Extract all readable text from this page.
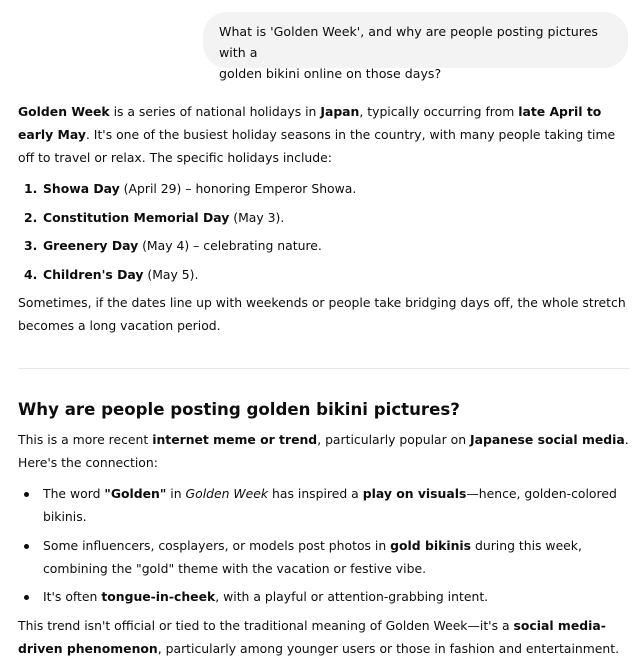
What is 'Golden Week', and why are people posting pictures with a
golden bikini online on those days?

Golden Week is a series of national holidays in Japan, typically occurring from late April to early May. It's one of the busiest holiday seasons in the country, with many people taking time off to travel or relax. The specific holidays include:

1. Showa Day (April 29) – honoring Emperor Showa.
2. Constitution Memorial Day (May 3).
3. Greenery Day (May 4) – celebrating nature.
4. Children's Day (May 5).

Sometimes, if the dates line up with weekends or people take bridging days off, the whole stretch becomes a long vacation period.

Why are people posting golden bikini pictures?

This is a more recent internet meme or trend, particularly popular on Japanese social media. Here's the connection:

The word "Golden" in Golden Week has inspired a play on visuals—hence, golden-colored bikinis.
Some influencers, cosplayers, or models post photos in gold bikinis during this week, combining the "gold" theme with the vacation or festive vibe.
It's often tongue-in-cheek, with a playful or attention-grabbing intent.

This trend isn't official or tied to the traditional meaning of Golden Week—it's a social media-driven phenomenon, particularly among younger users or those in fashion and entertainment.
